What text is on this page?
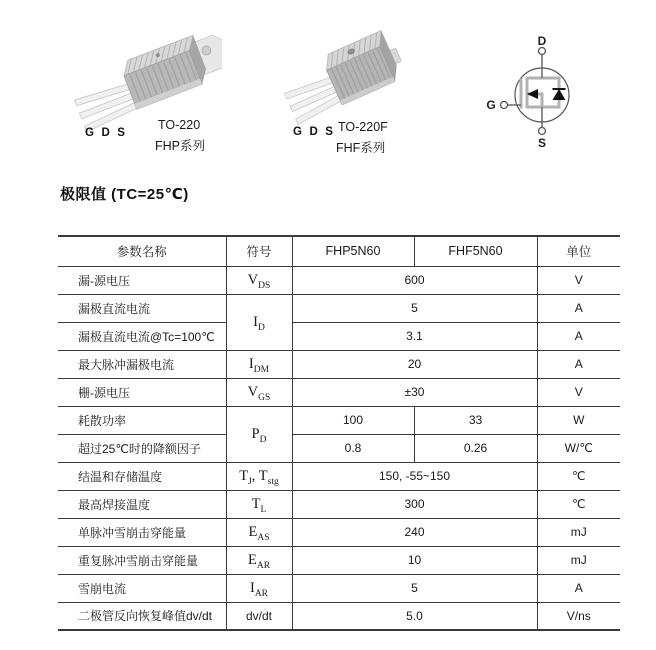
G D S
TO-220
FHP系列
G D S TO-220F
FHF系列
D
G
S
极限值 (TC=25℃)
参数名称	符号	FHP5N60	FHF5N60	单位
漏-源电压	$V_{DS}$	600		V
漏极直流电流	$I_D$	5		A
漏极直流电流@Tc=100℃		3.1		A
最大脉冲漏极电流	$I_{DM}$	20		A
栅-源电压	$V_{GS}$	±30		V
耗散功率	$P_D$	100	33	W
超过25℃时的降额因子		0.8	0.26	W/℃
结温和存储温度	$T_J$, $T_{stg}$	150, -55~150		℃
最高焊接温度	$T_L$	300		℃
单脉冲雪崩击穿能量	$E_{AS}$	240		mJ
重复脉冲雪崩击穿能量	$E_{AR}$	10		mJ
雪崩电流	$I_{AR}$	5		A
二极管反向恢复峰值dv/dt	dv/dt	5.0		V/ns
